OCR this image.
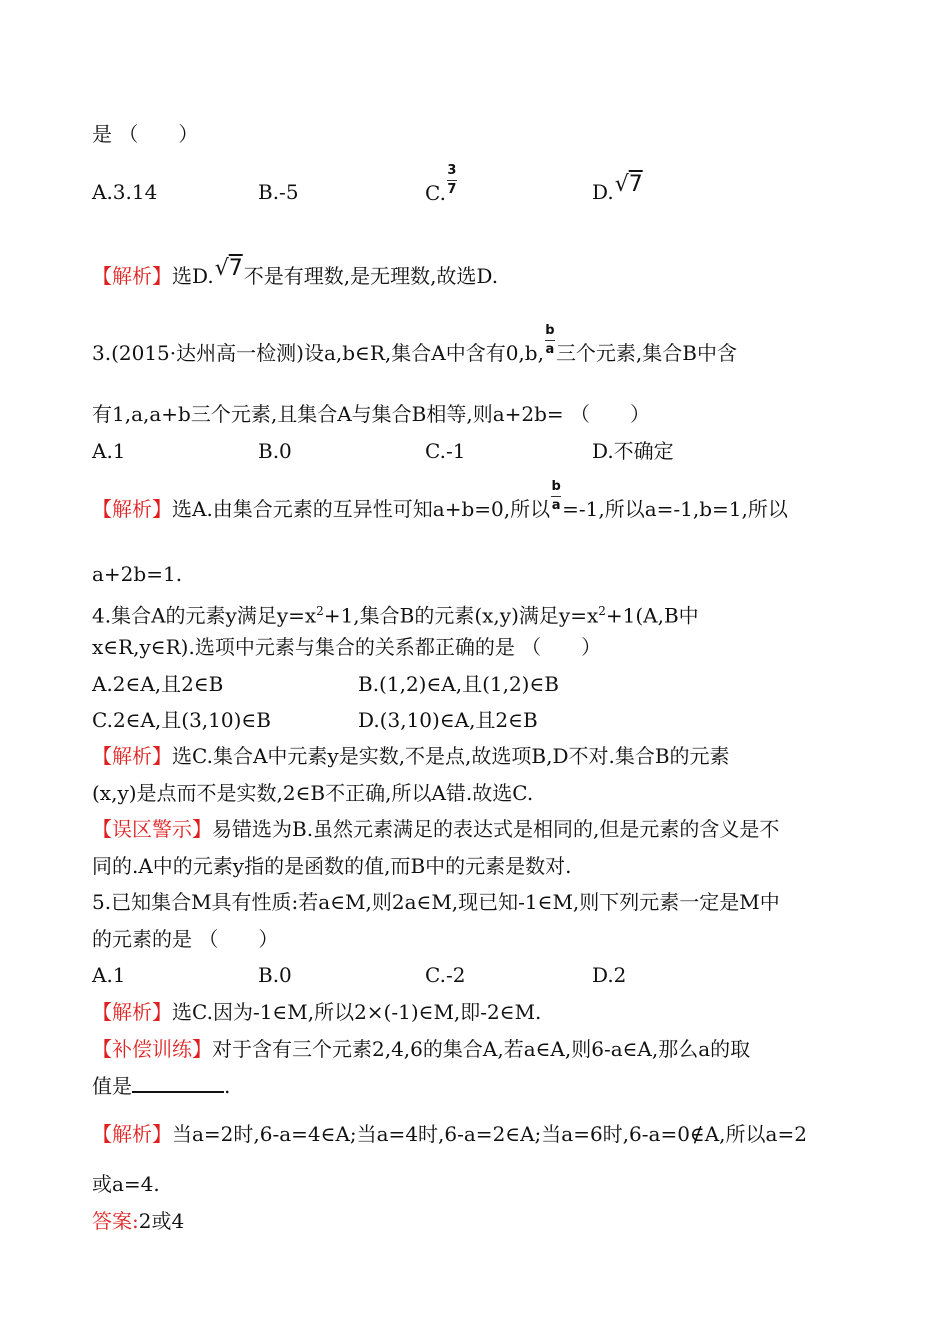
是 （　　）
A.3.14	B.-5	C. $\frac{3}{7}$	D.√7
【解析】选D.√7不是有理数,是无理数,故选D.
3.(2015·达州高一检测)设a,b∈R,集合A中含有0,b, $\frac{b}{a}$ 三个元素,集合B中含
有1,a,a+b三个元素,且集合A与集合B相等,则a+2b= （　　）
A.1	B.0	C.-1	D.不确定
【解析】选A.由集合元素的互异性可知a+b=0,所以 $\frac{b}{a} =-1$,所以a=-1,b=1,所以
a+2b=1.
4.集合A的元素y满足$y=x^2+1$,集合B的元素(x,y)满足$y=x^2+1(A,B$中
x∈R,y∈R).选项中元素与集合的关系都正确的是 （　　）
A.2∈A,且2∈B	B.(1,2)∈A,且(1,2)∈B
C.2∈A,且(3,10)∈B	D.(3,10)∈A,且2∈B
【解析】选C.集合A中元素y是实数,不是点,故选项B,D不对.集合B的元素
(x,y)是点而不是实数,2∈B不正确,所以A错.故选C.
【误区警示】易错选为B.虽然元素满足的表达式是相同的,但是元素的含义是不
同的.A中的元素y指的是函数的值,而B中的元素是数对.
5.已知集合M具有性质:若a∈M,则2a∈M,现已知-1∈M,则下列元素一定是M中
的元素的是 （　　）
A.1	B.0	C.-2	D.2
【解析】选C.因为-1∈M,所以2×(-1)∈M,即-2∈M.
【补偿训练】对于含有三个元素2,4,6的集合A,若a∈A,则6-a∈A,那么a的取
值是	.
【解析】当a=2时,6-a=4∈A;当a=4时,6-a=2∈A;当a=6时,6-a=0∉A,所以a=2
或a=4.
答案:2或4
